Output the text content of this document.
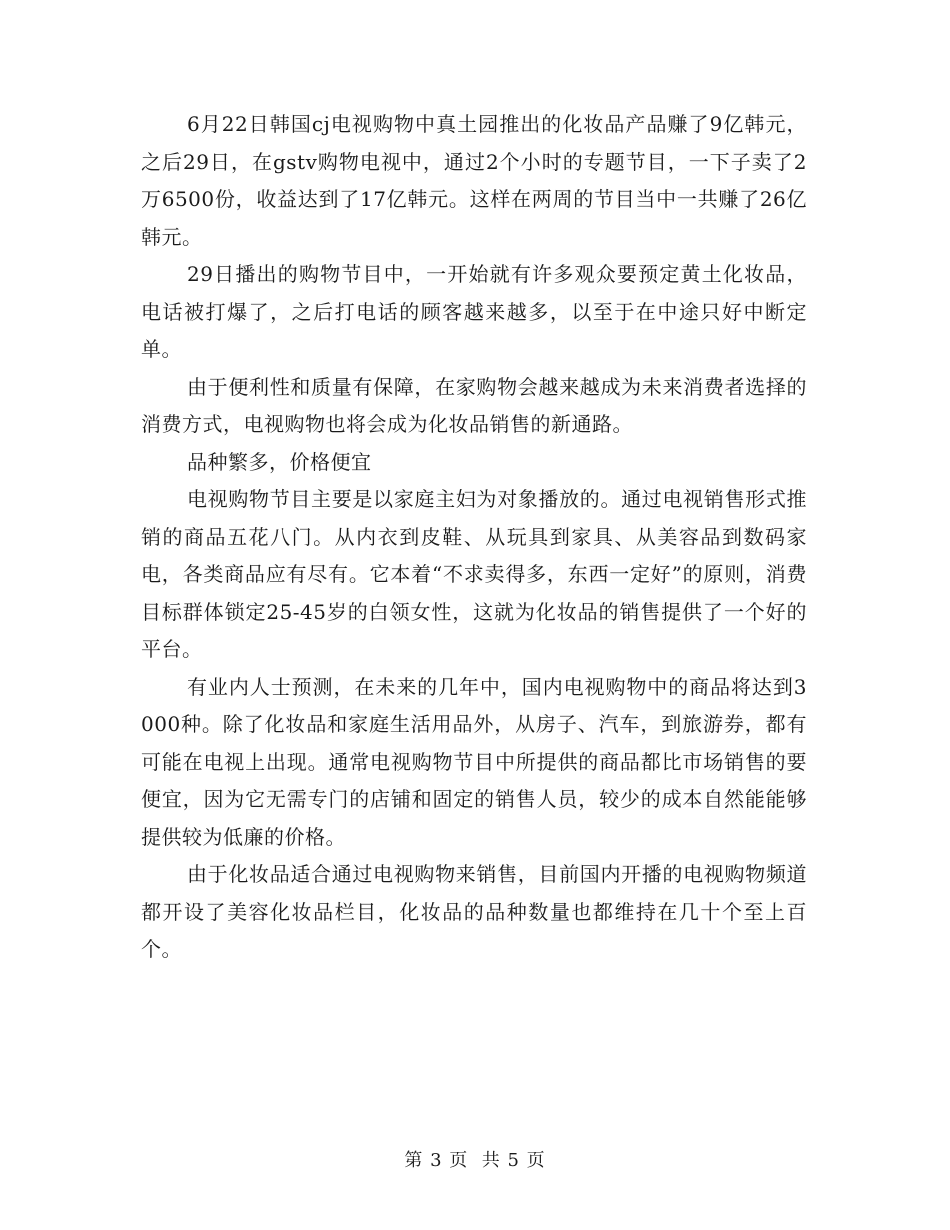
6月22日韩国cj电视购物中真土园推出的化妆品产品赚了9亿韩元，之后29日，在gstv购物电视中，通过2个小时的专题节目，一下子卖了2万6500份，收益达到了17亿韩元。这样在两周的节目当中一共赚了26亿韩元。

29日播出的购物节目中，一开始就有许多观众要预定黄土化妆品，电话被打爆了，之后打电话的顾客越来越多，以至于在中途只好中断定单。

由于便利性和质量有保障，在家购物会越来越成为未来消费者选择的消费方式，电视购物也将会成为化妆品销售的新通路。

品种繁多，价格便宜

电视购物节目主要是以家庭主妇为对象播放的。通过电视销售形式推销的商品五花八门。从内衣到皮鞋、从玩具到家具、从美容品到数码家电，各类商品应有尽有。它本着“不求卖得多，东西一定好”的原则，消费目标群体锁定25-45岁的白领女性，这就为化妆品的销售提供了一个好的平台。

有业内人士预测，在未来的几年中，国内电视购物中的商品将达到3000种。除了化妆品和家庭生活用品外，从房子、汽车，到旅游券，都有可能在电视上出现。通常电视购物节目中所提供的商品都比市场销售的要便宜，因为它无需专门的店铺和固定的销售人员，较少的成本自然能能够提供较为低廉的价格。

由于化妆品适合通过电视购物来销售，目前国内开播的电视购物频道都开设了美容化妆品栏目，化妆品的品种数量也都维持在几十个至上百个。

第 3 页  共 5 页
